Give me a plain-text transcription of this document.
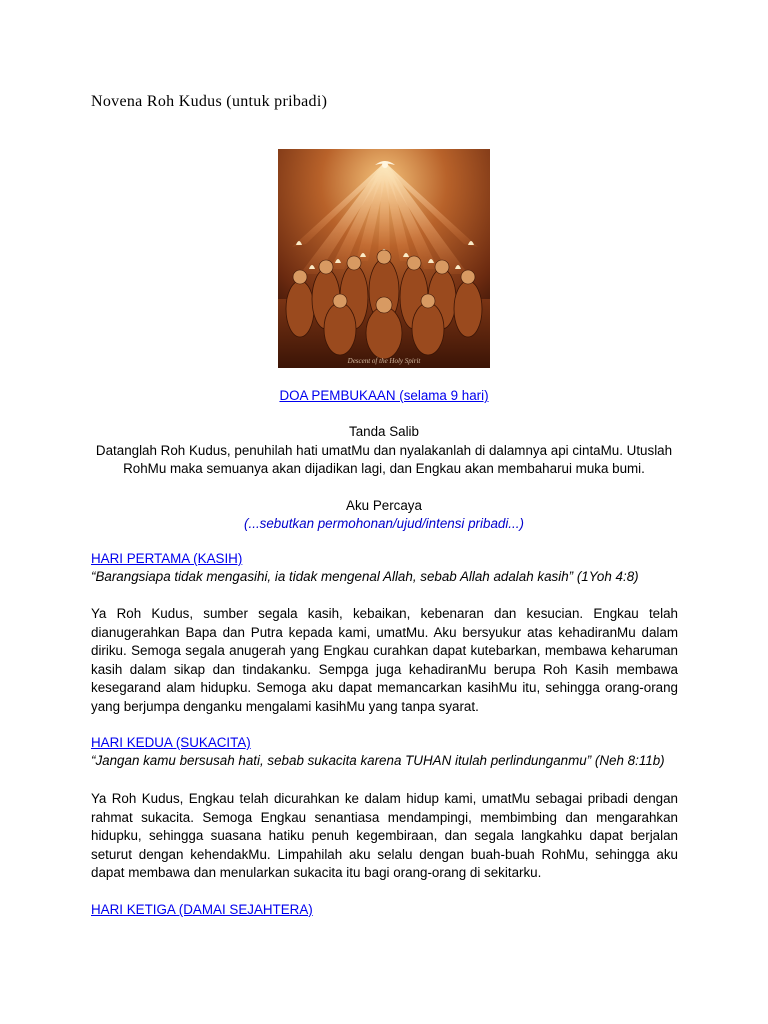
Novena Roh Kudus (untuk pribadi)
Descent of the Holy Spirit
DOA PEMBUKAAN (selama 9 hari)
Tanda Salib
Datanglah Roh Kudus, penuhilah hati umatMu dan nyalakanlah di dalamnya api cintaMu. Utuslah RohMu maka semuanya akan dijadikan lagi, dan Engkau akan membaharui muka bumi.
Aku Percaya
(...sebutkan permohonan/ujud/intensi pribadi...)
HARI PERTAMA (KASIH)
“Barangsiapa tidak mengasihi, ia tidak mengenal Allah, sebab Allah adalah kasih” (1Yoh 4:8)
Ya Roh Kudus, sumber segala kasih, kebaikan, kebenaran dan kesucian. Engkau telah dianugerahkan Bapa dan Putra kepada kami, umatMu. Aku bersyukur atas kehadiranMu dalam diriku. Semoga segala anugerah yang Engkau curahkan dapat kutebarkan, membawa keharuman kasih dalam sikap dan tindakanku. Sempga juga kehadiranMu berupa Roh Kasih membawa kesegarand alam hidupku. Semoga aku dapat memancarkan kasihMu itu, sehingga orang-orang yang berjumpa denganku mengalami kasihMu yang tanpa syarat.
HARI KEDUA (SUKACITA)
“Jangan kamu bersusah hati, sebab sukacita karena TUHAN itulah perlindunganmu” (Neh 8:11b)
Ya Roh Kudus, Engkau telah dicurahkan ke dalam hidup kami, umatMu sebagai pribadi dengan rahmat sukacita. Semoga Engkau senantiasa mendampingi, membimbing dan mengarahkan hidupku, sehingga suasana hatiku penuh kegembiraan, dan segala langkahku dapat berjalan seturut dengan kehendakMu. Limpahilah aku selalu dengan buah-buah RohMu, sehingga aku dapat membawa dan menularkan sukacita itu bagi orang-orang di sekitarku.
HARI KETIGA (DAMAI SEJAHTERA)
